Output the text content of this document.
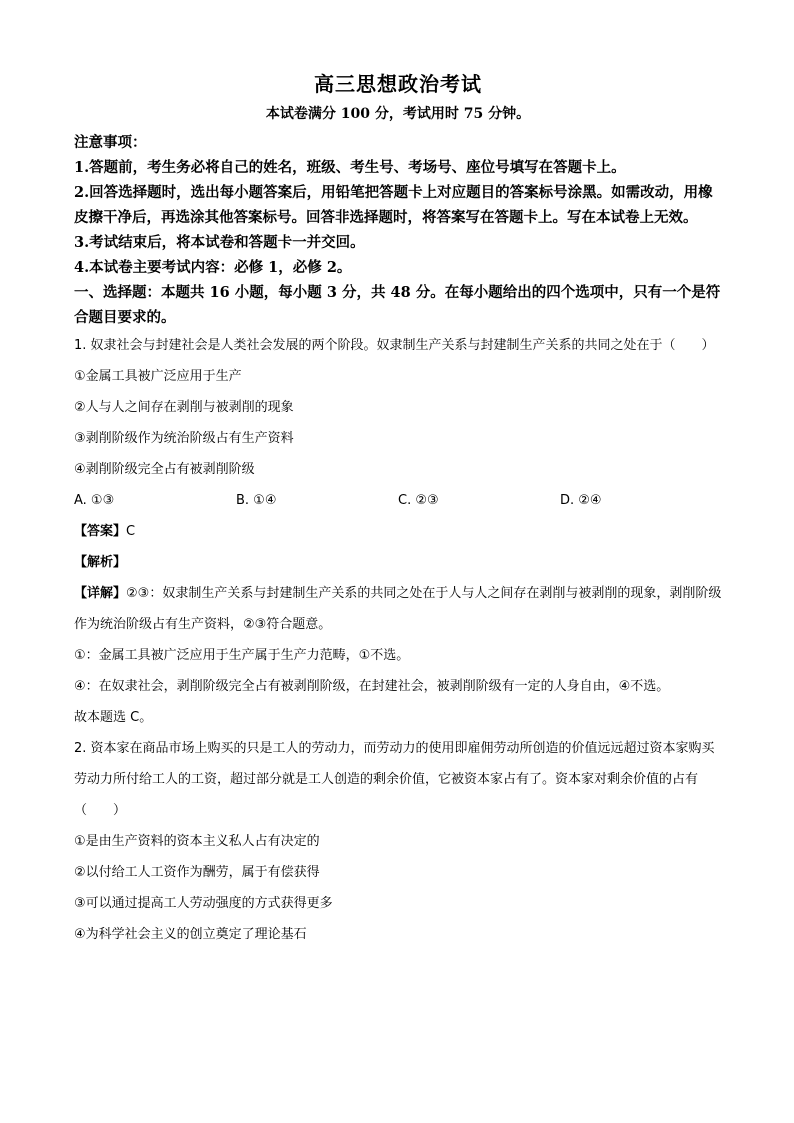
高三思想政治考试
本试卷满分 100 分，考试用时 75 分钟。
注意事项：
1.答题前，考生务必将自己的姓名，班级、考生号、考场号、座位号填写在答题卡上。
2.回答选择题时，选出每小题答案后，用铅笔把答题卡上对应题目的答案标号涂黑。如需改动，用橡皮擦干净后，再选涂其他答案标号。回答非选择题时，将答案写在答题卡上。写在本试卷上无效。
3.考试结束后，将本试卷和答题卡一并交回。
4.本试卷主要考试内容：必修 1，必修 2。
一、选择题：本题共 16 小题，每小题 3 分，共 48 分。在每小题给出的四个选项中，只有一个是符合题目要求的。
1. 奴隶社会与封建社会是人类社会发展的两个阶段。奴隶制生产关系与封建制生产关系的共同之处在于（　　）
①金属工具被广泛应用于生产
②人与人之间存在剥削与被剥削的现象
③剥削阶级作为统治阶级占有生产资料
④剥削阶级完全占有被剥削阶级
A. ①③	B. ①④	C. ②③	D. ②④
【答案】C
【解析】
【详解】②③：奴隶制生产关系与封建制生产关系的共同之处在于人与人之间存在剥削与被剥削的现象，剥削阶级作为统治阶级占有生产资料，②③符合题意。
①：金属工具被广泛应用于生产属于生产力范畴，①不选。
④：在奴隶社会，剥削阶级完全占有被剥削阶级，在封建社会，被剥削阶级有一定的人身自由，④不选。
故本题选 C。
2. 资本家在商品市场上购买的只是工人的劳动力，而劳动力的使用即雇佣劳动所创造的价值远远超过资本家购买劳动力所付给工人的工资，超过部分就是工人创造的剩余价值，它被资本家占有了。资本家对剩余价值的占有（　　）
①是由生产资料的资本主义私人占有决定的
②以付给工人工资作为酬劳，属于有偿获得
③可以通过提高工人劳动强度的方式获得更多
④为科学社会主义的创立奠定了理论基石
